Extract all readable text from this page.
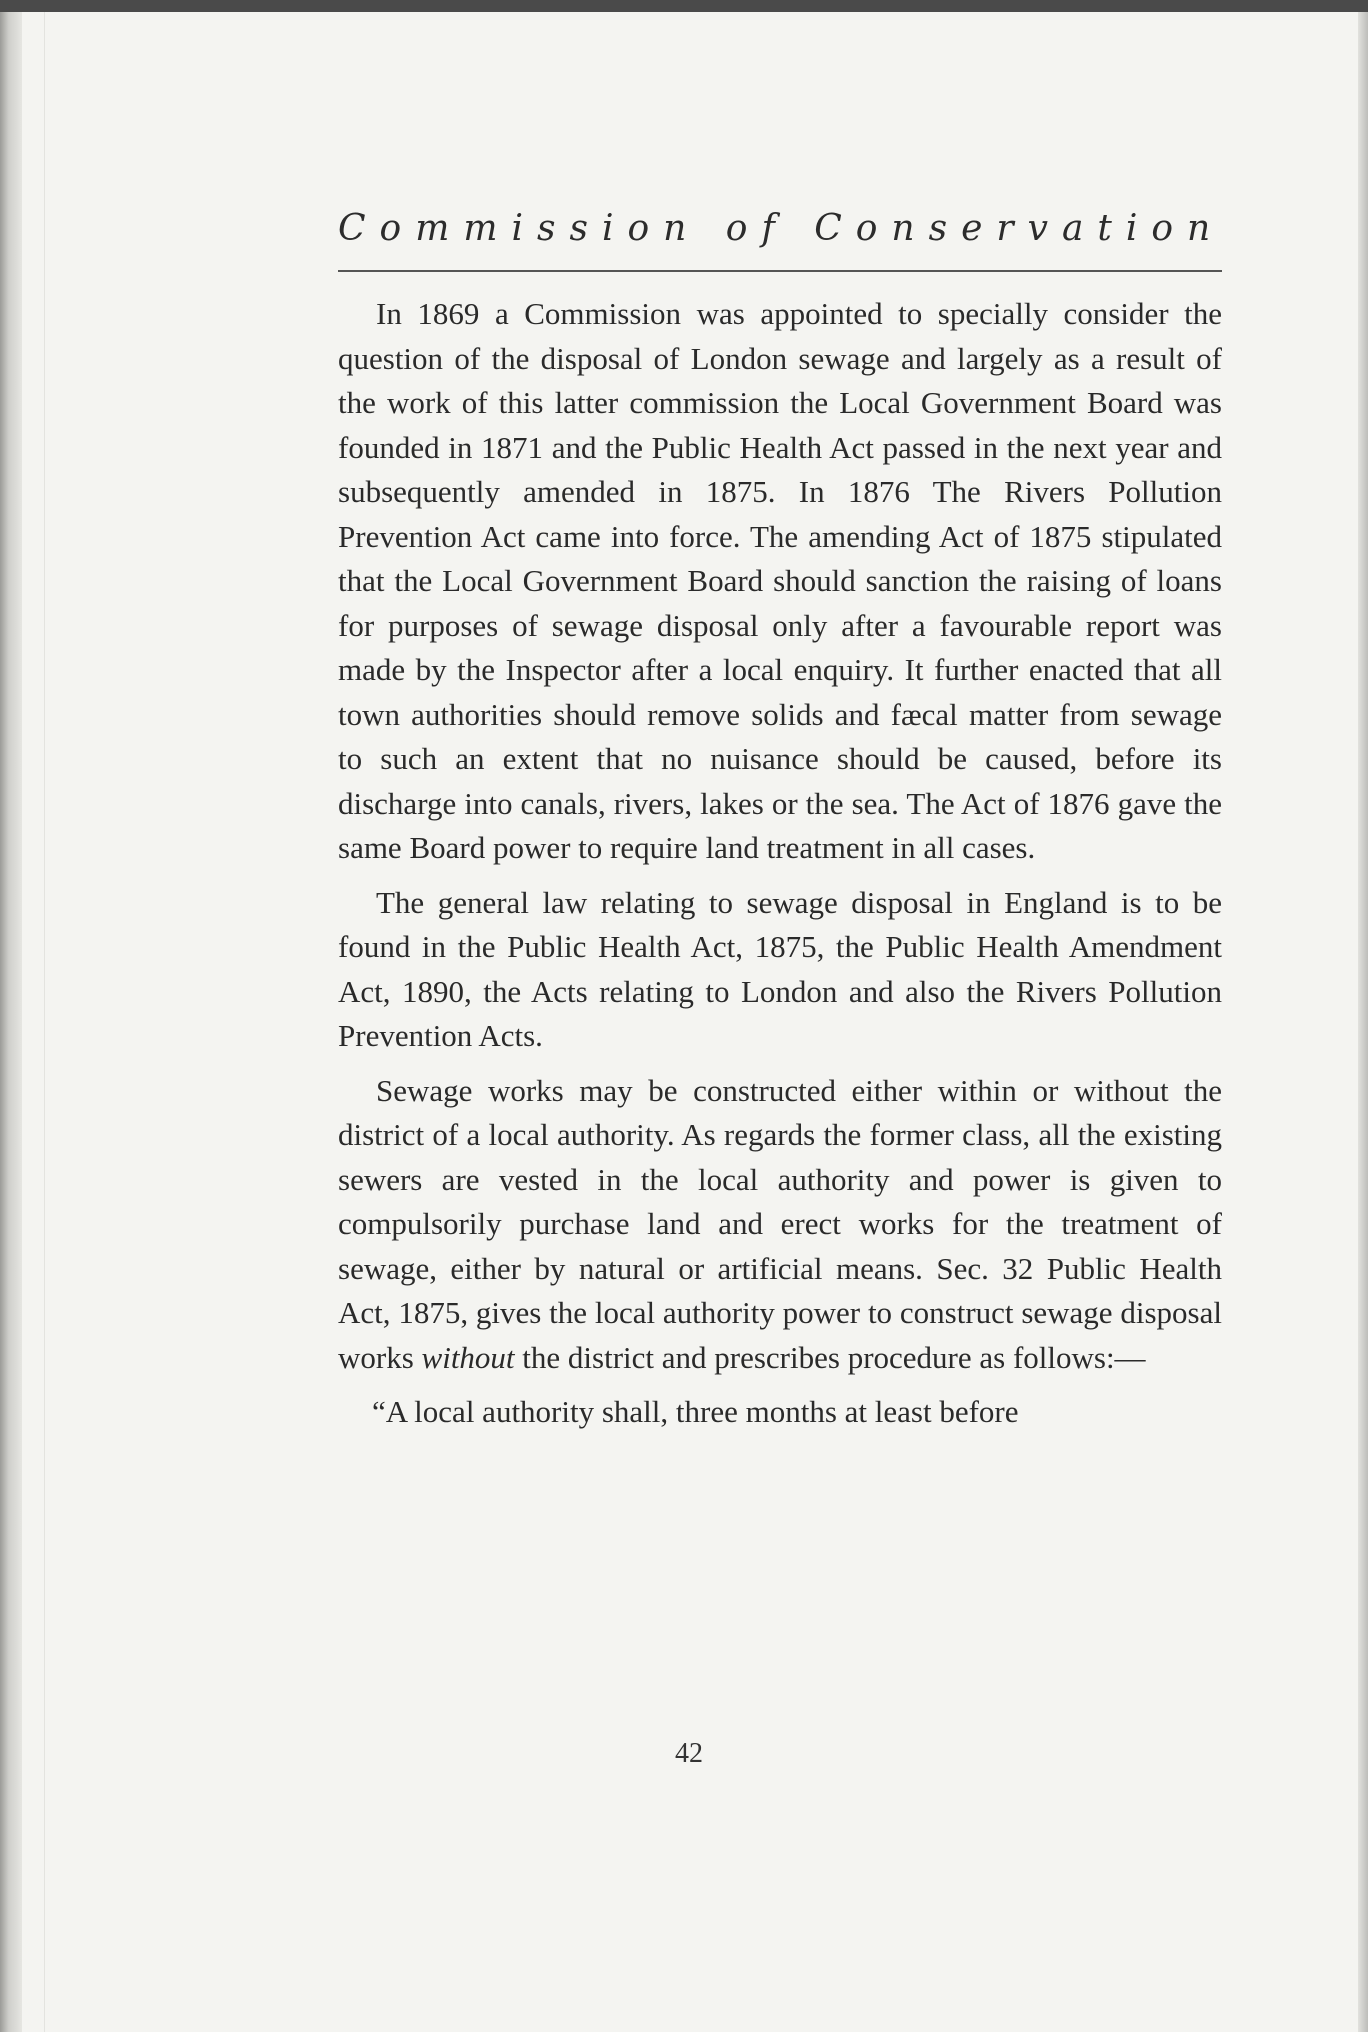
Commission of Conservation

In 1869 a Commission was appointed to specially consider the question of the disposal of London sewage and largely as a result of the work of this latter commission the Local Government Board was founded in 1871 and the Public Health Act passed in the next year and subsequently amended in 1875. In 1876 The Rivers Pollution Prevention Act came into force. The amending Act of 1875 stipulated that the Local Government Board should sanction the raising of loans for purposes of sewage disposal only after a favourable report was made by the Inspector after a local enquiry. It further enacted that all town authorities should remove solids and fæcal matter from sewage to such an extent that no nuisance should be caused, before its discharge into canals, rivers, lakes or the sea. The Act of 1876 gave the same Board power to require land treatment in all cases.

The general law relating to sewage disposal in England is to be found in the Public Health Act, 1875, the Public Health Amendment Act, 1890, the Acts relating to London and also the Rivers Pollution Prevention Acts.

Sewage works may be constructed either within or without the district of a local authority. As regards the former class, all the existing sewers are vested in the local authority and power is given to compulsorily purchase land and erect works for the treatment of sewage, either by natural or artificial means. Sec. 32 Public Health Act, 1875, gives the local authority power to construct sewage disposal works without the district and prescribes procedure as follows:—

“A local authority shall, three months at least before

42
